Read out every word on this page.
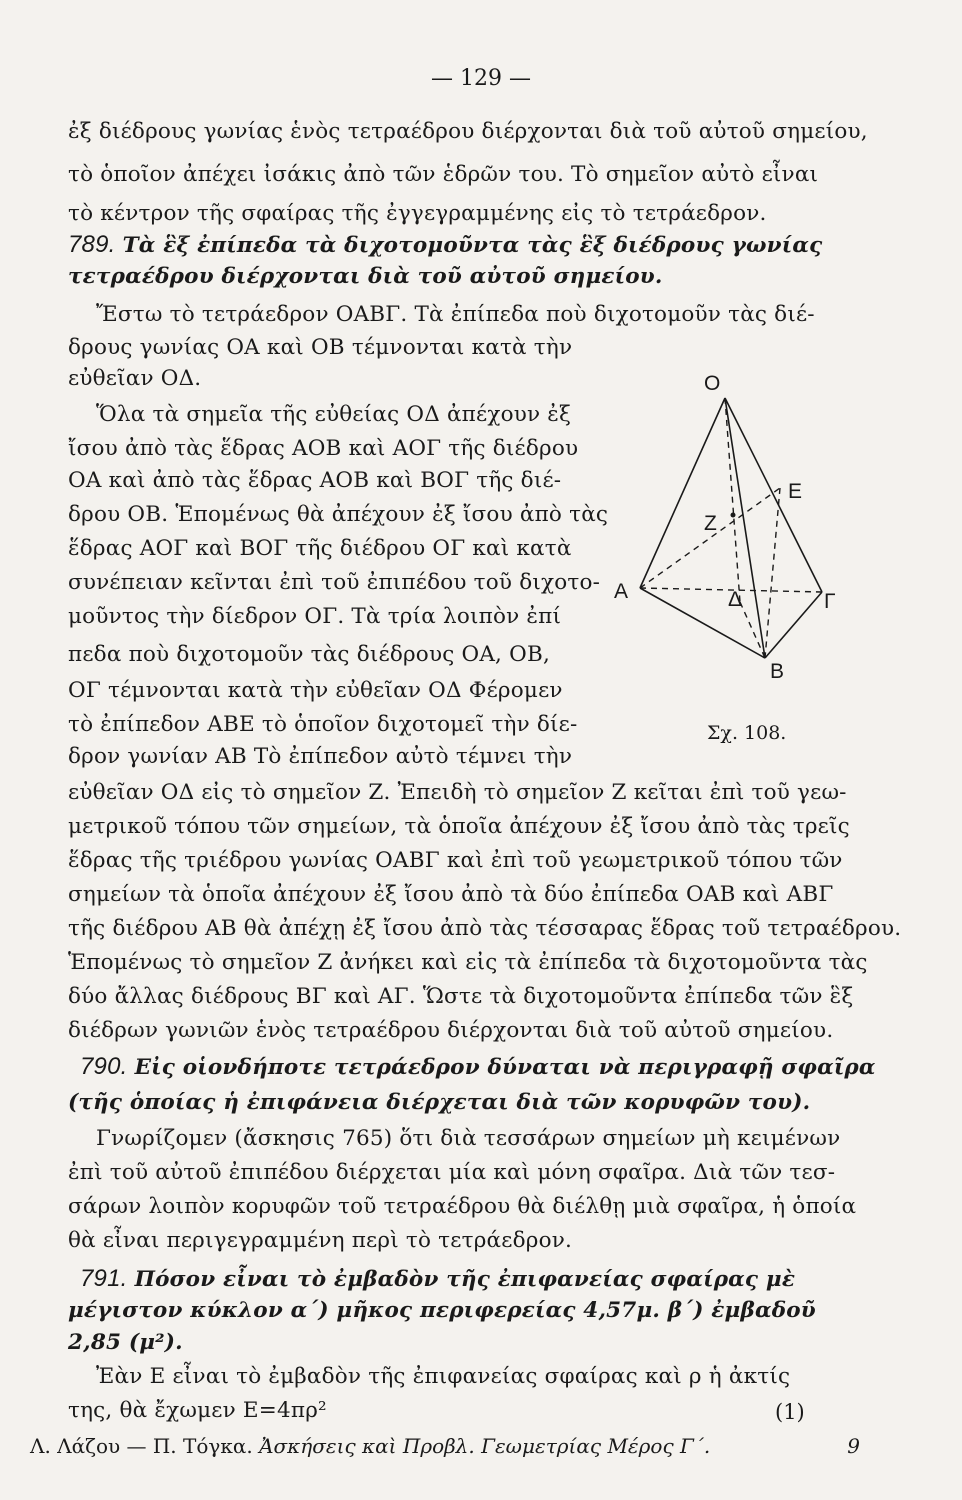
— 129 —
ἐξ διέδρους γωνίας ἑνὸς τετραέδρου διέρχονται διὰ τοῦ αὐτοῦ σημείου,
τὸ ὁποῖον ἀπέχει ἰσάκις ἀπὸ τῶν ἑδρῶν του. Τὸ σημεῖον αὐτὸ εἶναι
τὸ κέντρον τῆς σφαίρας τῆς ἐγγεγραμμένης εἰς τὸ τετράεδρον.
789. Τὰ ἓξ ἐπίπεδα τὰ διχοτομοῦντα τὰς ἓξ διέδρους γωνίας
τετραέδρου διέρχονται διὰ τοῦ αὐτοῦ σημείου.
Ἔστω τὸ τετράεδρον ΟΑΒΓ. Τὰ ἐπίπεδα ποὺ διχοτομοῦν τὰς διέ-
δρους γωνίας ΟΑ καὶ ΟΒ τέμνονται κατὰ τὴν
εὐθεῖαν ΟΔ.
Ὅλα τὰ σημεῖα τῆς εὐθείας ΟΔ ἀπέχουν ἐξ
ἴσου ἀπὸ τὰς ἕδρας ΑΟΒ καὶ ΑΟΓ τῆς διέδρου
ΟΑ καὶ ἀπὸ τὰς ἕδρας ΑΟΒ καὶ ΒΟΓ τῆς διέ-
δρου ΟΒ. Ἑπομένως θὰ ἀπέχουν ἐξ ἴσου ἀπὸ τὰς
ἕδρας ΑΟΓ καὶ ΒΟΓ τῆς διέδρου ΟΓ καὶ κατὰ
συνέπειαν κεῖνται ἐπὶ τοῦ ἐπιπέδου τοῦ διχοτο-
μοῦντος τὴν δίεδρον ΟΓ. Τὰ τρία λοιπὸν ἐπί
πεδα ποὺ διχοτομοῦν τὰς διέδρους ΟΑ, ΟΒ,
ΟΓ τέμνονται κατὰ τὴν εὐθεῖαν ΟΔ Φέρομεν
τὸ ἐπίπεδον ΑΒΕ τὸ ὁποῖον διχοτομεῖ τὴν δίε-
δρον γωνίαν ΑΒ Τὸ ἐπίπεδον αὐτὸ τέμνει τὴν
εὐθεῖαν ΟΔ εἰς τὸ σημεῖον Ζ. Ἐπειδὴ τὸ σημεῖον Ζ κεῖται ἐπὶ τοῦ γεω-
μετρικοῦ τόπου τῶν σημείων, τὰ ὁποῖα ἀπέχουν ἐξ ἴσου ἀπὸ τὰς τρεῖς
ἕδρας τῆς τριέδρου γωνίας ΟΑΒΓ καὶ ἐπὶ τοῦ γεωμετρικοῦ τόπου τῶν
σημείων τὰ ὁποῖα ἀπέχουν ἐξ ἴσου ἀπὸ τὰ δύο ἐπίπεδα ΟΑΒ καὶ ΑΒΓ
τῆς διέδρου ΑΒ θὰ ἀπέχῃ ἐξ ἴσου ἀπὸ τὰς τέσσαρας ἕδρας τοῦ τετραέδρου.
Ἑπομένως τὸ σημεῖον Ζ ἀνήκει καὶ εἰς τὰ ἐπίπεδα τὰ διχοτομοῦντα τὰς
δύο ἄλλας διέδρους ΒΓ καὶ ΑΓ. Ὥστε τὰ διχοτομοῦντα ἐπίπεδα τῶν ἓξ
διέδρων γωνιῶν ἑνὸς τετραέδρου διέρχονται διὰ τοῦ αὐτοῦ σημείου.
790. Εἰς οἱονδήποτε τετράεδρον δύναται νὰ περιγραφῇ σφαῖρα
(τῆς ὁποίας ἡ ἐπιφάνεια διέρχεται διὰ τῶν κορυφῶν του).
Γνωρίζομεν (ἄσκησις 765) ὅτι διὰ τεσσάρων σημείων μὴ κειμένων
ἐπὶ τοῦ αὐτοῦ ἐπιπέδου διέρχεται μία καὶ μόνη σφαῖρα. Διὰ τῶν τεσ-
σάρων λοιπὸν κορυφῶν τοῦ τετραέδρου θὰ διέλθῃ μιὰ σφαῖρα, ἡ ὁποία
θὰ εἶναι περιγεγραμμένη περὶ τὸ τετράεδρον.
791. Πόσον εἶναι τὸ ἐμβαδὸν τῆς ἐπιφανείας σφαίρας μὲ
μέγιστον κύκλον α΄) μῆκος περιφερείας 4,57μ. β΄) ἐμβαδοῦ
2,85 (μ²).
Ἐὰν Ε εἶναι τὸ ἐμβαδὸν τῆς ἐπιφανείας σφαίρας καὶ ρ ἡ ἀκτίς
της, θὰ ἔχωμεν Ε=4πρ²	(1)
Ο
Ε
Ζ
Α	Δ	Γ
Β
Σχ. 108.
Λ. Λάζου — Π. Τόγκα. Ἀσκήσεις καὶ Προβλ. Γεωμετρίας Μέρος Γ΄.	9
